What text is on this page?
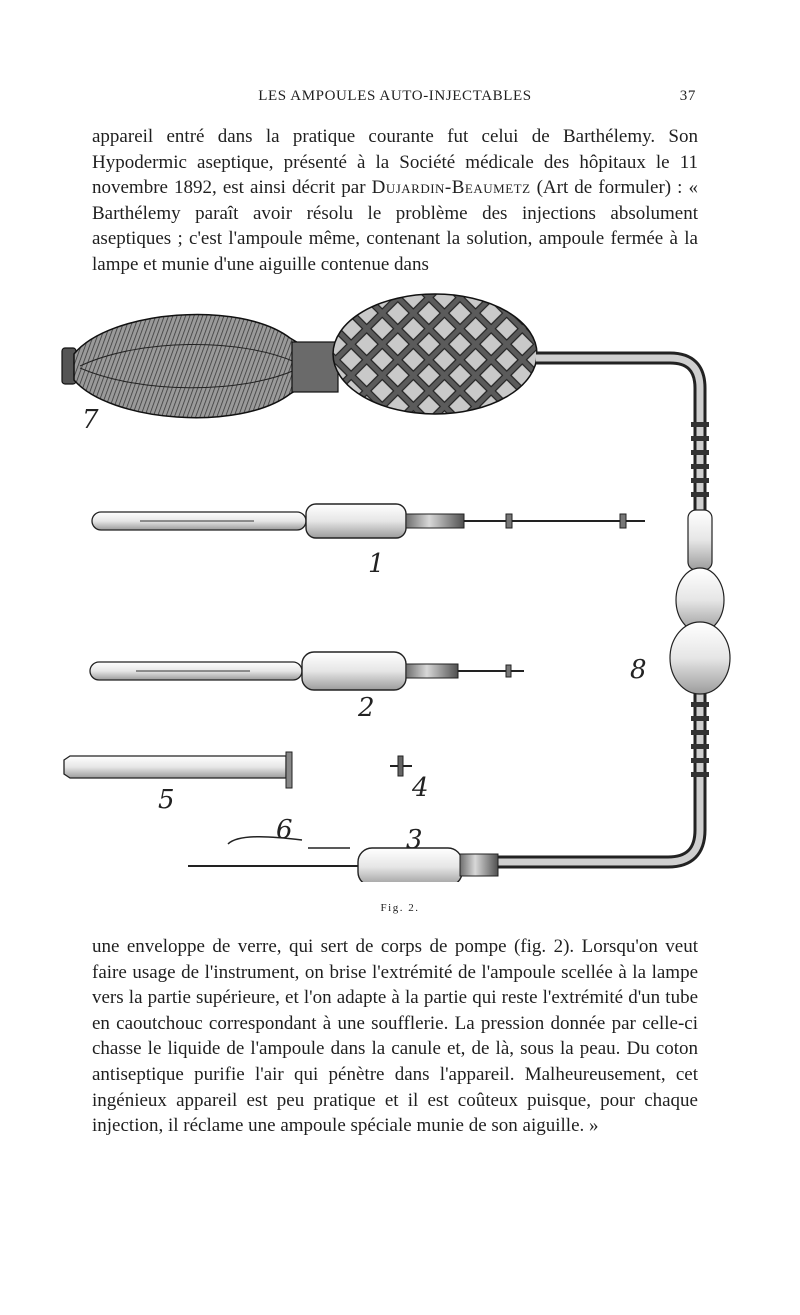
LES AMPOULES AUTO-INJECTABLES	37

appareil entré dans la pratique courante fut celui de Barthélemy. Son Hypodermic aseptique, présenté à la Société médicale des hôpitaux le 11 novembre 1892, est ainsi décrit par Dujardin-Beaumetz (Art de formuler) : « Barthélemy paraît avoir résolu le problème des injections absolument aseptiques ; c'est l'ampoule même, contenant la solution, ampoule fermée à la lampe et munie d'une aiguille contenue dans

7
1
2
3
4
5
6
8
Fig. 2.

une enveloppe de verre, qui sert de corps de pompe (fig. 2). Lorsqu'on veut faire usage de l'instrument, on brise l'extrémité de l'ampoule scellée à la lampe vers la partie supérieure, et l'on adapte à la partie qui reste l'extrémité d'un tube en caoutchouc correspondant à une soufflerie. La pression donnée par celle-ci chasse le liquide de l'ampoule dans la canule et, de là, sous la peau. Du coton antiseptique purifie l'air qui pénètre dans l'appareil. Malheureusement, cet ingénieux appareil est peu pratique et il est coûteux puisque, pour chaque injection, il réclame une ampoule spéciale munie de son aiguille. »
